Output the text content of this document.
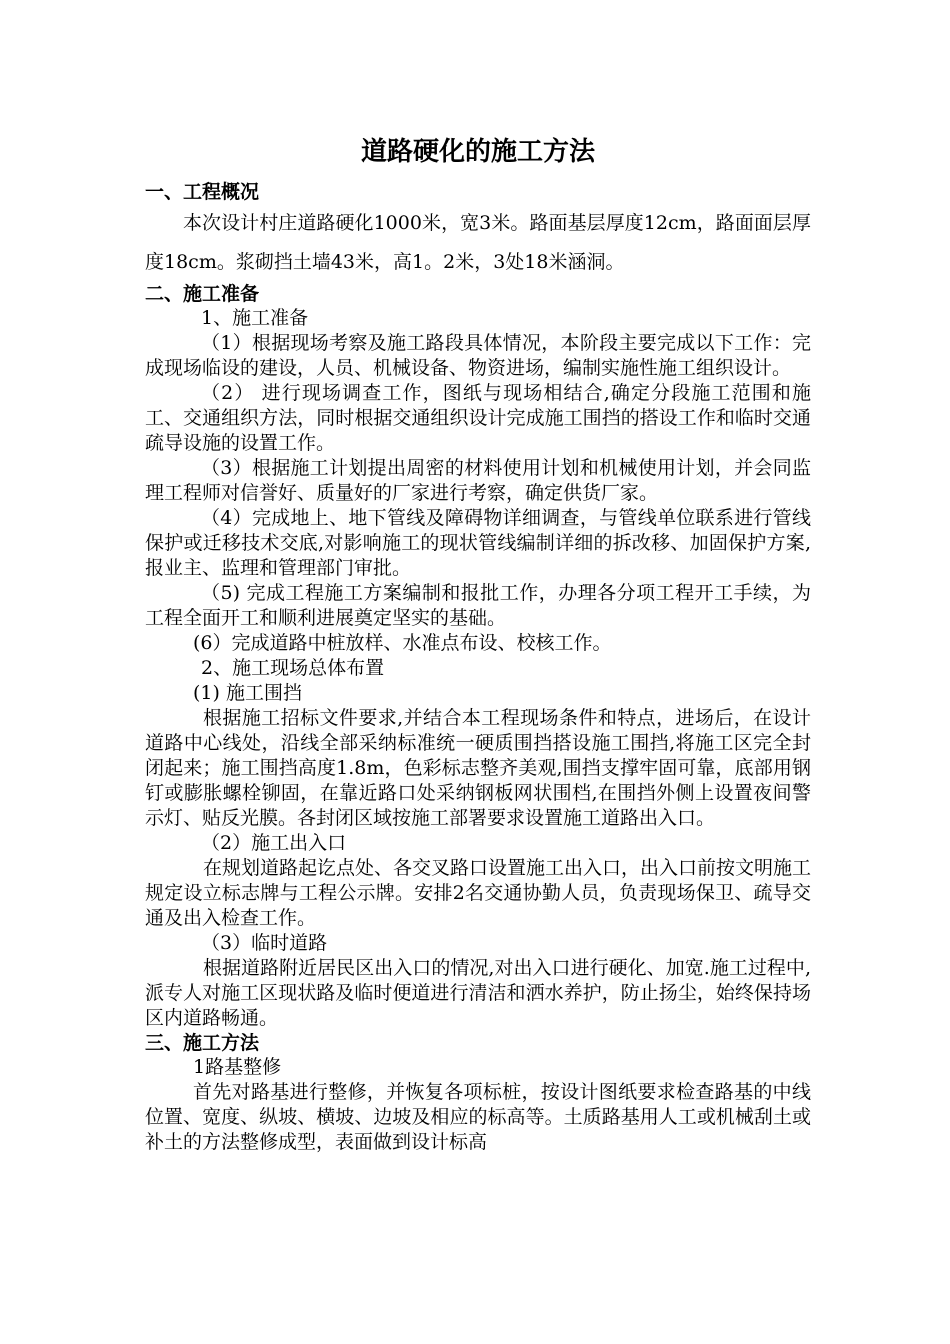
道路硬化的施工方法
一、工程概况

本次设计村庄道路硬化1000米，宽3米。路面基层厚度12cm，路面面层厚度18cm。浆砌挡土墙43米，高1。2米，3处18米涵洞。

二、施工准备

1、施工准备

（1）根据现场考察及施工路段具体情况，本阶段主要完成以下工作：完成现场临设的建设，人员、机械设备、物资进场，编制实施性施工组织设计。

（2） 进行现场调查工作，图纸与现场相结合,确定分段施工范围和施工、交通组织方法，同时根据交通组织设计完成施工围挡的搭设工作和临时交通疏导设施的设置工作。

（3）根据施工计划提出周密的材料使用计划和机械使用计划，并会同监理工程师对信誉好、质量好的厂家进行考察，确定供货厂家。

（4）完成地上、地下管线及障碍物详细调查，与管线单位联系进行管线保护或迁移技术交底,对影响施工的现状管线编制详细的拆改移、加固保护方案,报业主、监理和管理部门审批。

（5) 完成工程施工方案编制和报批工作，办理各分项工程开工手续，为工程全面开工和顺利进展奠定坚实的基础。

(6）完成道路中桩放样、水准点布设、校核工作。

2、施工现场总体布置

(1) 施工围挡

根据施工招标文件要求,并结合本工程现场条件和特点，进场后，在设计道路中心线处，沿线全部采纳标准统一硬质围挡搭设施工围挡,将施工区完全封闭起来；施工围挡高度1.8m，色彩标志整齐美观,围挡支撑牢固可靠，底部用钢钉或膨胀螺栓铆固，在靠近路口处采纳钢板网状围档,在围挡外侧上设置夜间警示灯、贴反光膜。各封闭区域按施工部署要求设置施工道路出入口。

（2）施工出入口

在规划道路起讫点处、各交叉路口设置施工出入口，出入口前按文明施工规定设立标志牌与工程公示牌。安排2名交通协勤人员，负责现场保卫、疏导交通及出入检查工作。

（3）临时道路

根据道路附近居民区出入口的情况,对出入口进行硬化、加宽.施工过程中,派专人对施工区现状路及临时便道进行清洁和洒水养护，防止扬尘，始终保持场区内道路畅通。

三、施工方法

1路基整修

首先对路基进行整修，并恢复各项标桩，按设计图纸要求检查路基的中线位置、宽度、纵坡、横坡、边坡及相应的标高等。土质路基用人工或机械刮土或补土的方法整修成型，表面做到设计标高
